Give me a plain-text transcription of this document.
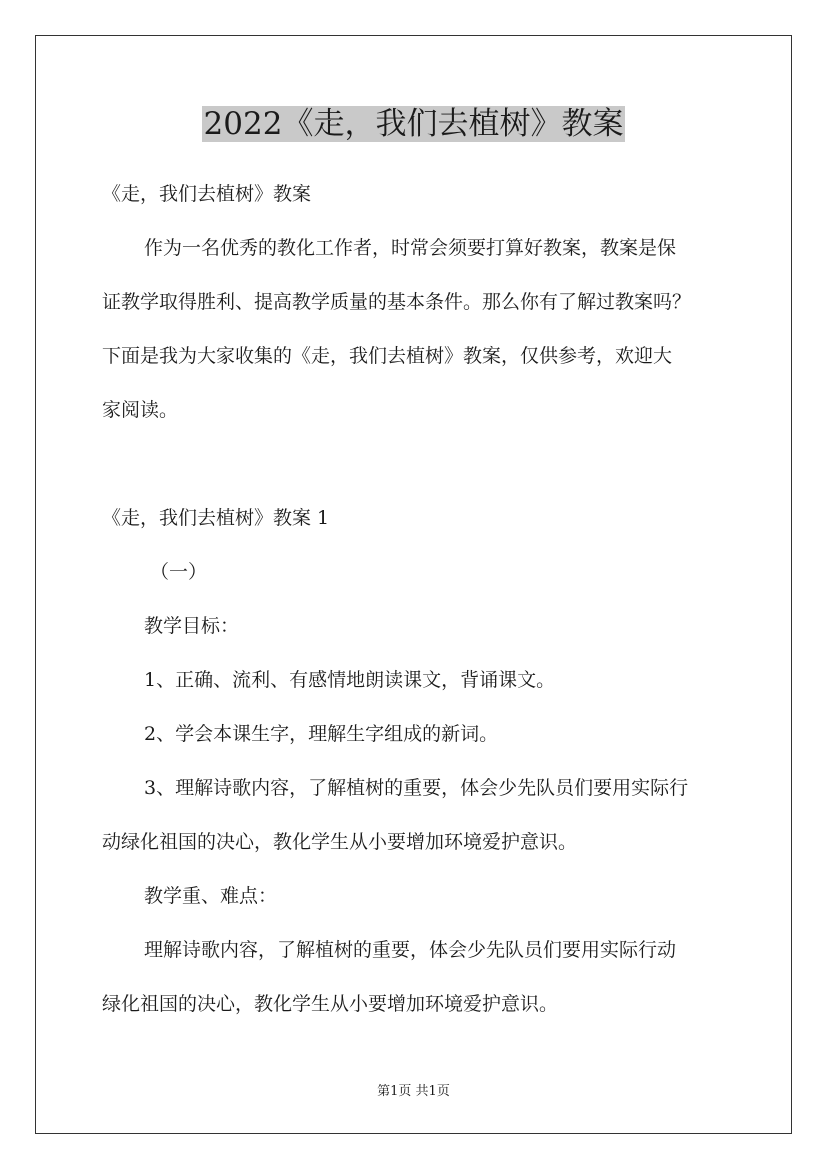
2022《走，我们去植树》教案

《走，我们去植树》教案

作为一名优秀的教化工作者，时常会须要打算好教案，教案是保

证教学取得胜利、提高教学质量的基本条件。那么你有了解过教案吗？

下面是我为大家收集的《走，我们去植树》教案，仅供参考，欢迎大

家阅读。

《走，我们去植树》教案 1

（一）

教学目标：

1、正确、流利、有感情地朗读课文，背诵课文。

2、学会本课生字，理解生字组成的新词。

3、理解诗歌内容，了解植树的重要，体会少先队员们要用实际行

动绿化祖国的决心，教化学生从小要增加环境爱护意识。

教学重、难点：

理解诗歌内容，了解植树的重要，体会少先队员们要用实际行动

绿化祖国的决心，教化学生从小要增加环境爱护意识。

第1页 共1页
